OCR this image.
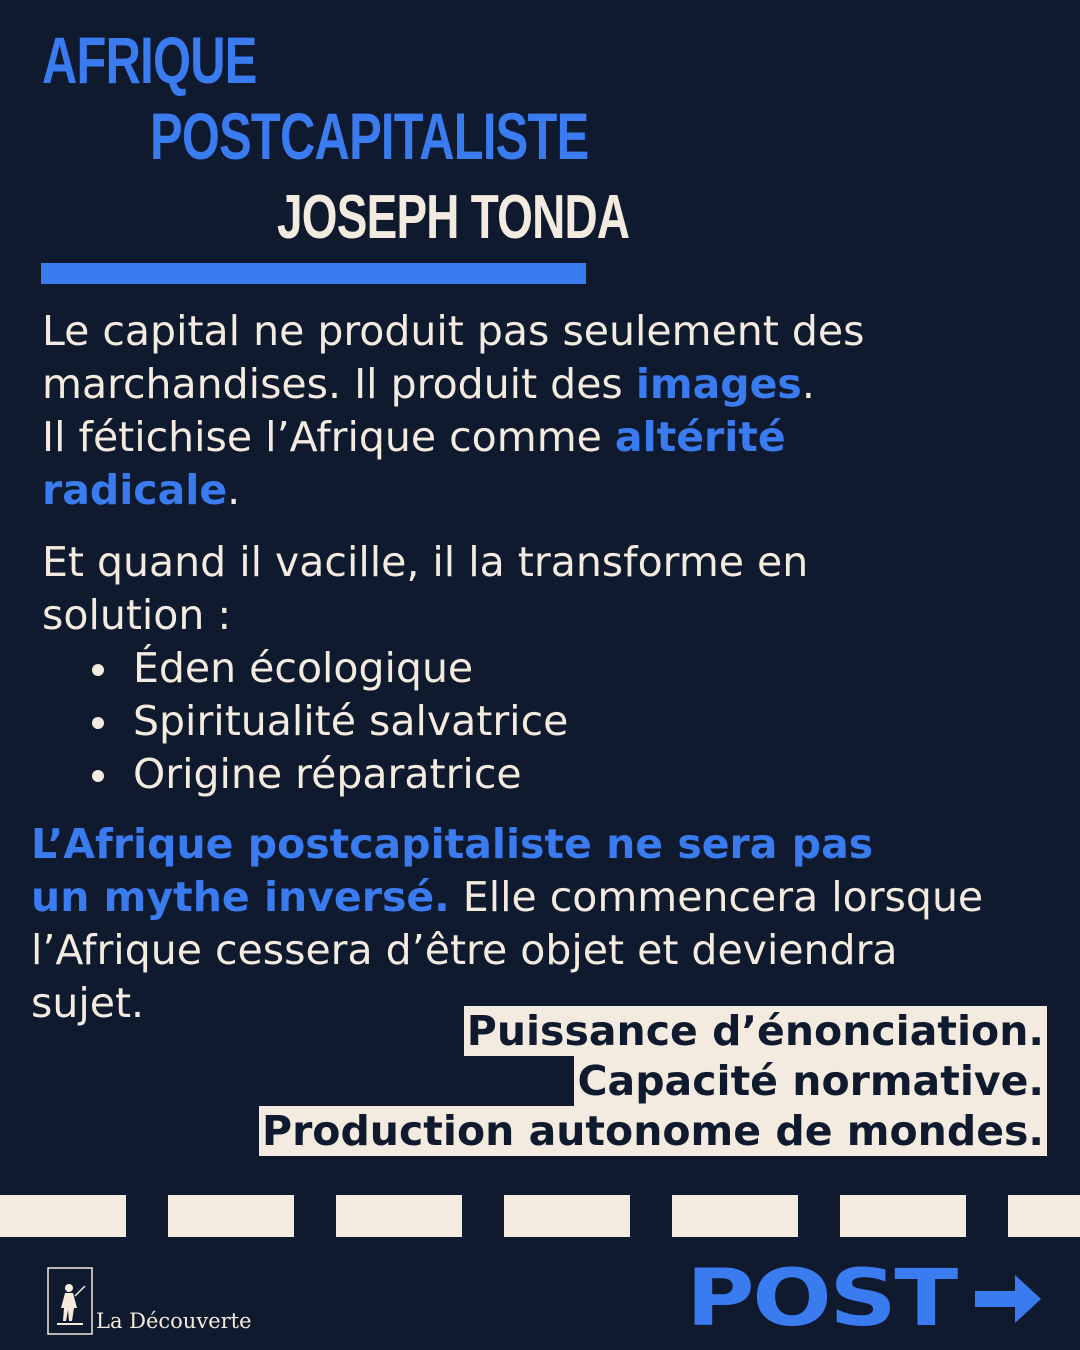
AFRIQUE
POSTCAPITALISTE
JOSEPH TONDA
Le capital ne produit pas seulement des
marchandises. Il produit des images.
Il fétichise l’Afrique comme altérité
radicale.
Et quand il vacille, il la transforme en
solution :
Éden écologique
Spiritualité salvatrice
Origine réparatrice
L’Afrique postcapitaliste ne sera pas
un mythe inversé. Elle commencera lorsque
l’Afrique cessera d’être objet et deviendra
sujet.
Puissance d’énonciation.
Capacité normative.
Production autonome de mondes.
La Découverte	POST
